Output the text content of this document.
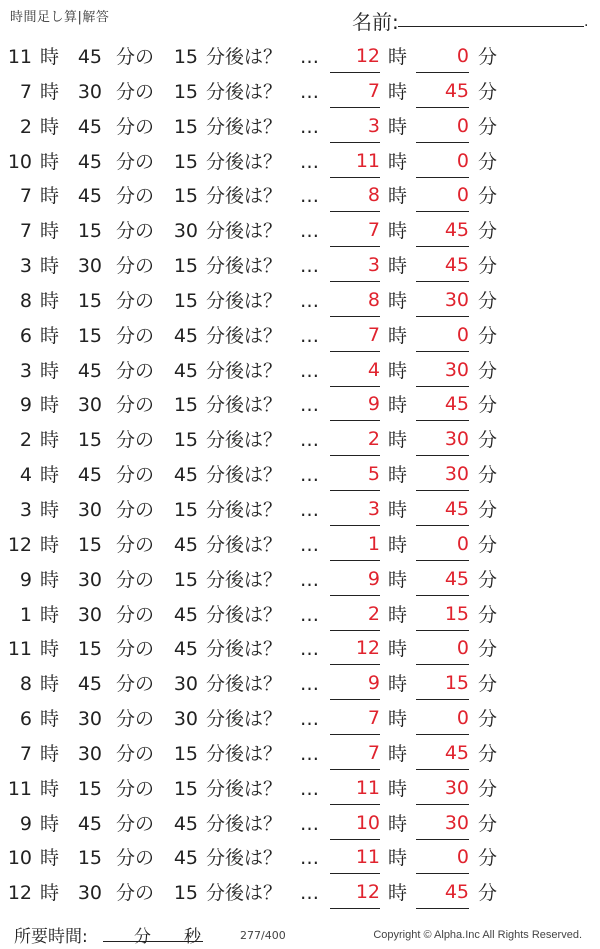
時間足し算|解答	名前:	.
11 時 45 分の 15 分後は？ …	12 時	0 分
7 時 30 分の 15 分後は？ …	7 時	45 分
2 時 45 分の 15 分後は？ …	3 時	0 分
10 時 45 分の 15 分後は？ …	11 時	0 分
7 時 45 分の 15 分後は？ …	8 時	0 分
7 時 15 分の 30 分後は？ …	7 時	45 分
3 時 30 分の 15 分後は？ …	3 時	45 分
8 時 15 分の 15 分後は？ …	8 時	30 分
6 時 15 分の 45 分後は？ …	7 時	0 分
3 時 45 分の 45 分後は？ …	4 時	30 分
9 時 30 分の 15 分後は？ …	9 時	45 分
2 時 15 分の 15 分後は？ …	2 時	30 分
4 時 45 分の 45 分後は？ …	5 時	30 分
3 時 30 分の 15 分後は？ …	3 時	45 分
12 時 15 分の 45 分後は？ …	1 時	0 分
9 時 30 分の 15 分後は？ …	9 時	45 分
1 時 30 分の 45 分後は？ …	2 時	15 分
11 時 15 分の 45 分後は？ …	12 時	0 分
8 時 45 分の 30 分後は？ …	9 時	15 分
6 時 30 分の 30 分後は？ …	7 時	0 分
7 時 30 分の 15 分後は？ …	7 時	45 分
11 時 15 分の 15 分後は？ …	11 時	30 分
9 時 45 分の 45 分後は？ …	10 時	30 分
10 時 15 分の 45 分後は？ …	11 時	0 分
12 時 30 分の 15 分後は？ …	12 時	45 分
所要時間:	分 秒	277/400	Copyright © Alpha.Inc All Rights Reserved.
